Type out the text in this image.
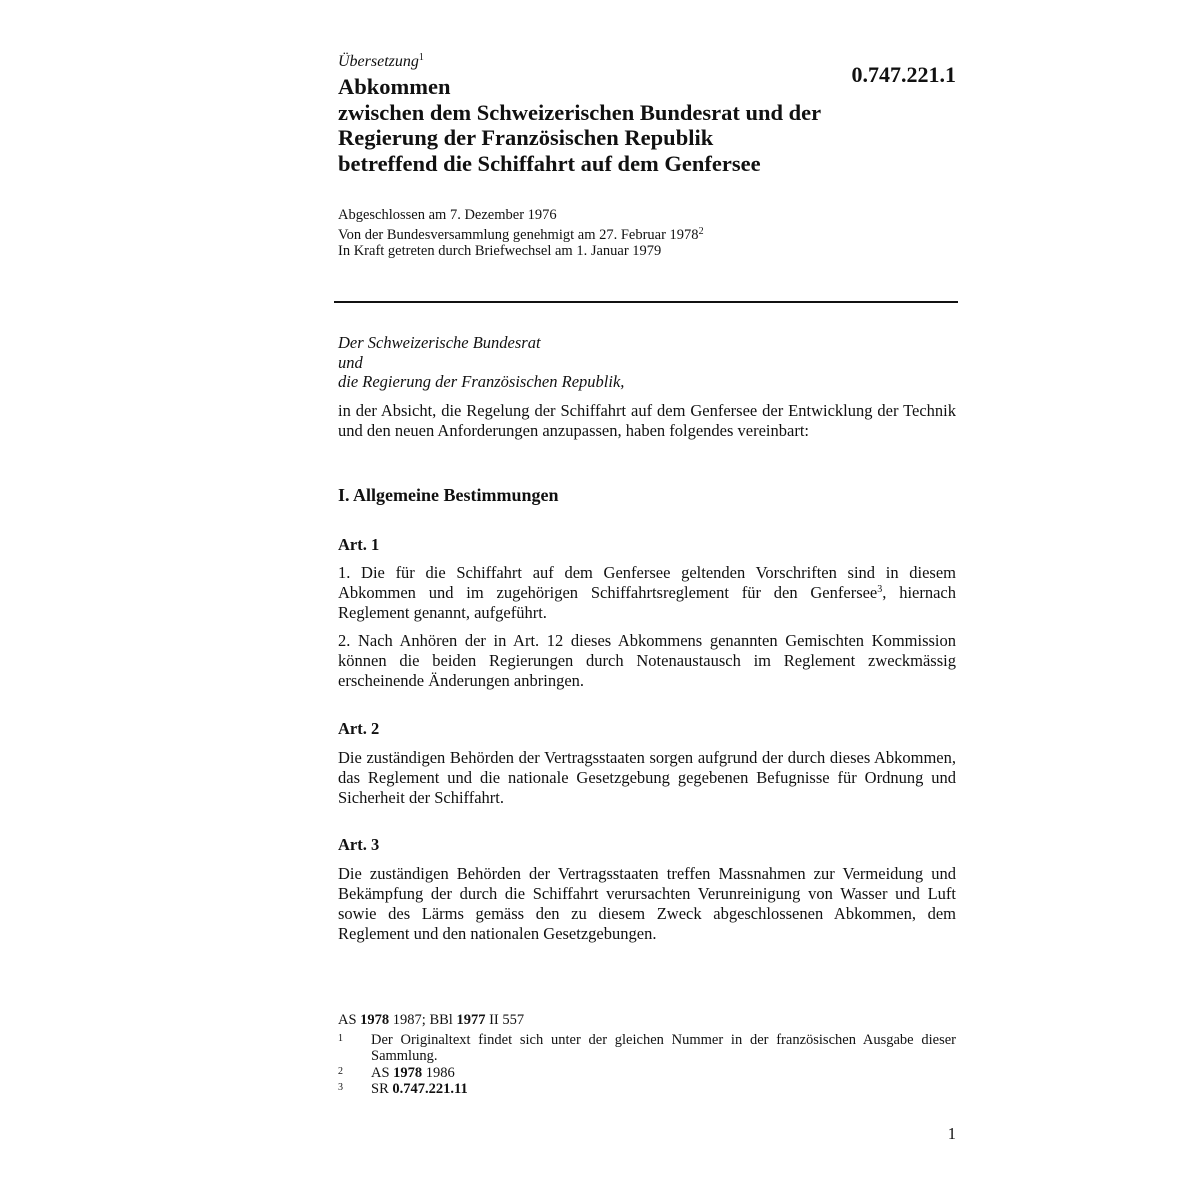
Übersetzung$^1$
0.747.221.1
Abkommen
zwischen dem Schweizerischen Bundesrat und der
Regierung der Französischen Republik
betreffend die Schiffahrt auf dem Genfersee
Abgeschlossen am 7. Dezember 1976
Von der Bundesversammlung genehmigt am 27. Februar 1978$^2$
In Kraft getreten durch Briefwechsel am 1. Januar 1979
Der Schweizerische Bundesrat
und
die Regierung der Französischen Republik,
in der Absicht, die Regelung der Schiffahrt auf dem Genfersee der Entwicklung der Technik und den neuen Anforderungen anzupassen, haben folgendes vereinbart:
I. Allgemeine Bestimmungen
Art. 1
1. Die für die Schiffahrt auf dem Genfersee geltenden Vorschriften sind in diesem Abkommen und im zugehörigen Schiffahrtsreglement für den Genfersee$^3$, hiernach Reglement genannt, aufgeführt.
2. Nach Anhören der in Art. 12 dieses Abkommens genannten Gemischten Kommission können die beiden Regierungen durch Notenaustausch im Reglement zweckmässig erscheinende Änderungen anbringen.
Art. 2
Die zuständigen Behörden der Vertragsstaaten sorgen aufgrund der durch dieses Abkommen, das Reglement und die nationale Gesetzgebung gegebenen Befugnisse für Ordnung und Sicherheit der Schiffahrt.
Art. 3
Die zuständigen Behörden der Vertragsstaaten treffen Massnahmen zur Vermeidung und Bekämpfung der durch die Schiffahrt verursachten Verunreinigung von Wasser und Luft sowie des Lärms gemäss den zu diesem Zweck abgeschlossenen Abkommen, dem Reglement und den nationalen Gesetzgebungen.
AS 1978 1987; BBl 1977 II 557
1 Der Originaltext findet sich unter der gleichen Nummer in der französischen Ausgabe dieser Sammlung.
2 AS 1978 1986
3 SR 0.747.221.11
1
